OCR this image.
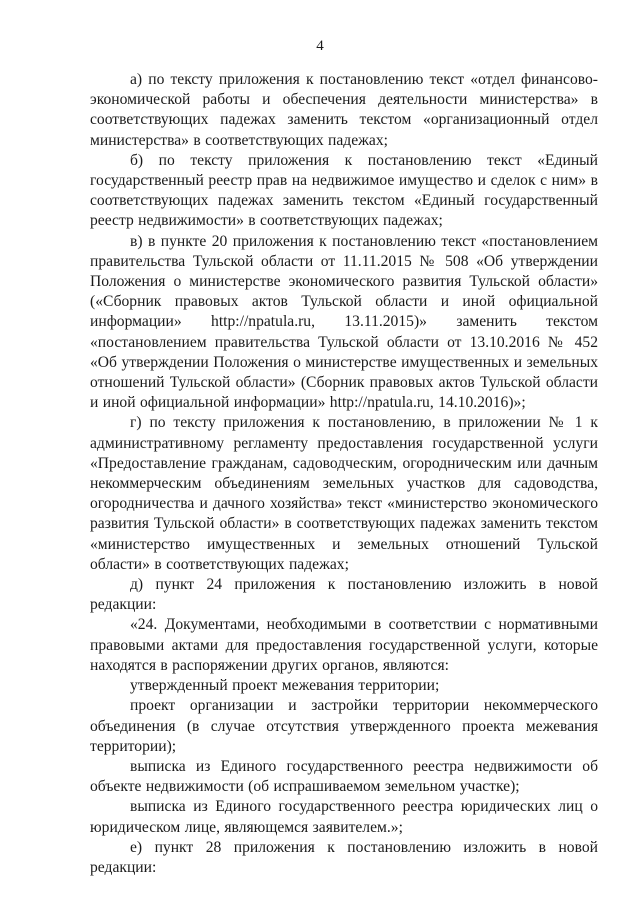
4

а) по тексту приложения к постановлению текст «отдел финансово-экономической работы и обеспечения деятельности министерства» в соответствующих падежах заменить текстом «организационный отдел министерства» в соответствующих падежах;

б) по тексту приложения к постановлению текст «Единый государственный реестр прав на недвижимое имущество и сделок с ним» в соответствующих падежах заменить текстом «Единый государственный реестр недвижимости» в соответствующих падежах;

в) в пункте 20 приложения к постановлению текст «постановлением правительства Тульской области от 11.11.2015 № 508 «Об утверждении Положения о министерстве экономического развития Тульской области» («Сборник правовых актов Тульской области и иной официальной информации» http://npatula.ru, 13.11.2015)» заменить текстом «постановлением правительства Тульской области от 13.10.2016 № 452 «Об утверждении Положения о министерстве имущественных и земельных отношений Тульской области» (Сборник правовых актов Тульской области и иной официальной информации» http://npatula.ru, 14.10.2016)»;

г) по тексту приложения к постановлению, в приложении № 1 к административному регламенту предоставления государственной услуги «Предоставление гражданам, садоводческим, огородническим или дачным некоммерческим объединениям земельных участков для садоводства, огородничества и дачного хозяйства» текст «министерство экономического развития Тульской области» в соответствующих падежах заменить текстом «министерство имущественных и земельных отношений Тульской области» в соответствующих падежах;

д) пункт 24 приложения к постановлению изложить в новой редакции:

«24. Документами, необходимыми в соответствии с нормативными правовыми актами для предоставления государственной услуги, которые находятся в распоряжении других органов, являются:

утвержденный проект межевания территории;

проект организации и застройки территории некоммерческого объединения (в случае отсутствия утвержденного проекта межевания территории);

выписка из Единого государственного реестра недвижимости об объекте недвижимости (об испрашиваемом земельном участке);

выписка из Единого государственного реестра юридических лиц о юридическом лице, являющемся заявителем.»;

е) пункт 28 приложения к постановлению изложить в новой редакции:
